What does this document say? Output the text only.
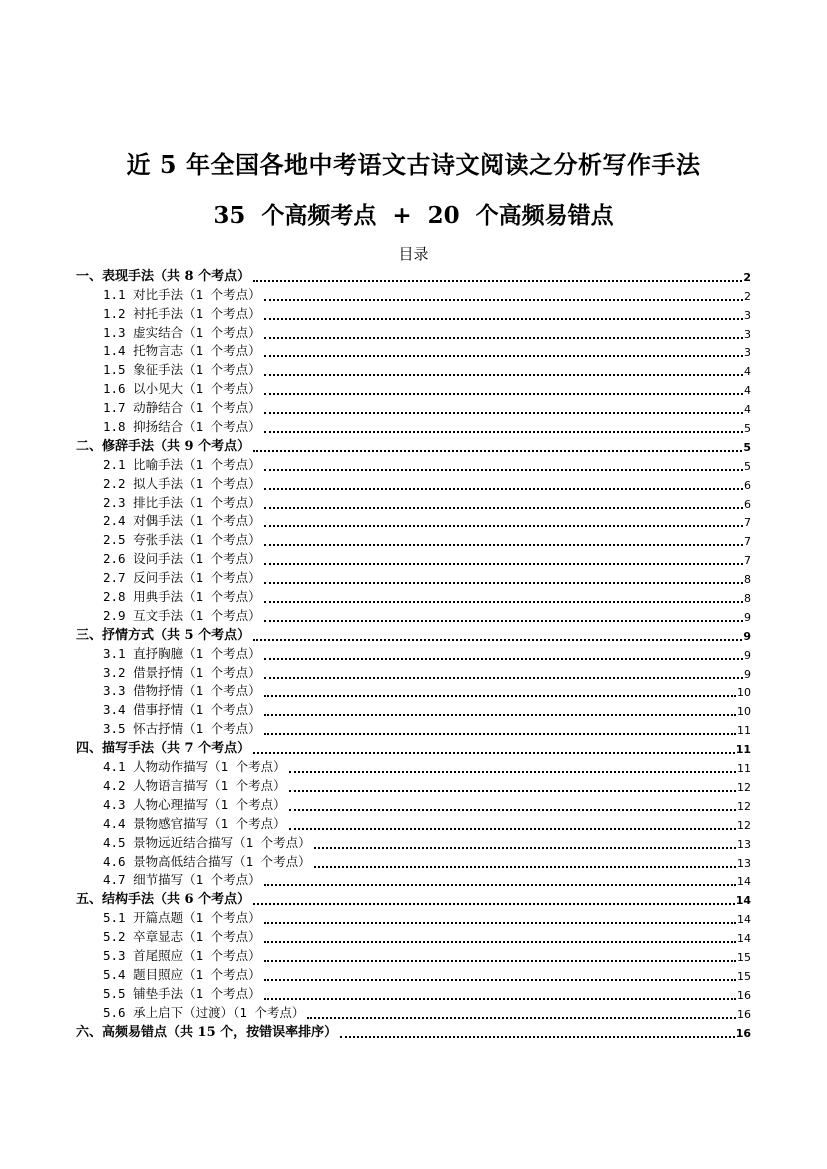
近 5 年全国各地中考语文古诗文阅读之分析写作手法
35  个高频考点  +  20  个高频易错点
目录
一、表现手法（共 8 个考点）	2
1.1 对比手法（1 个考点）	2
1.2 衬托手法（1 个考点）	3
1.3 虚实结合（1 个考点）	3
1.4 托物言志（1 个考点）	3
1.5 象征手法（1 个考点）	4
1.6 以小见大（1 个考点）	4
1.7 动静结合（1 个考点）	4
1.8 抑扬结合（1 个考点）	5
二、修辞手法（共 9 个考点）	5
2.1 比喻手法（1 个考点）	5
2.2 拟人手法（1 个考点）	6
2.3 排比手法（1 个考点）	6
2.4 对偶手法（1 个考点）	7
2.5 夸张手法（1 个考点）	7
2.6 设问手法（1 个考点）	7
2.7 反问手法（1 个考点）	8
2.8 用典手法（1 个考点）	8
2.9 互文手法（1 个考点）	9
三、抒情方式（共 5 个考点）	9
3.1 直抒胸臆（1 个考点）	9
3.2 借景抒情（1 个考点）	9
3.3 借物抒情（1 个考点）	10
3.4 借事抒情（1 个考点）	10
3.5 怀古抒情（1 个考点）	11
四、描写手法（共 7 个考点）	11
4.1 人物动作描写（1 个考点）	11
4.2 人物语言描写（1 个考点）	12
4.3 人物心理描写（1 个考点）	12
4.4 景物感官描写（1 个考点）	12
4.5 景物远近结合描写（1 个考点）	13
4.6 景物高低结合描写（1 个考点）	13
4.7 细节描写（1 个考点）	14
五、结构手法（共 6 个考点）	14
5.1 开篇点题（1 个考点）	14
5.2 卒章显志（1 个考点）	14
5.3 首尾照应（1 个考点）	15
5.4 题目照应（1 个考点）	15
5.5 铺垫手法（1 个考点）	16
5.6 承上启下（过渡）（1 个考点）	16
六、高频易错点（共 15 个，按错误率排序）	16
